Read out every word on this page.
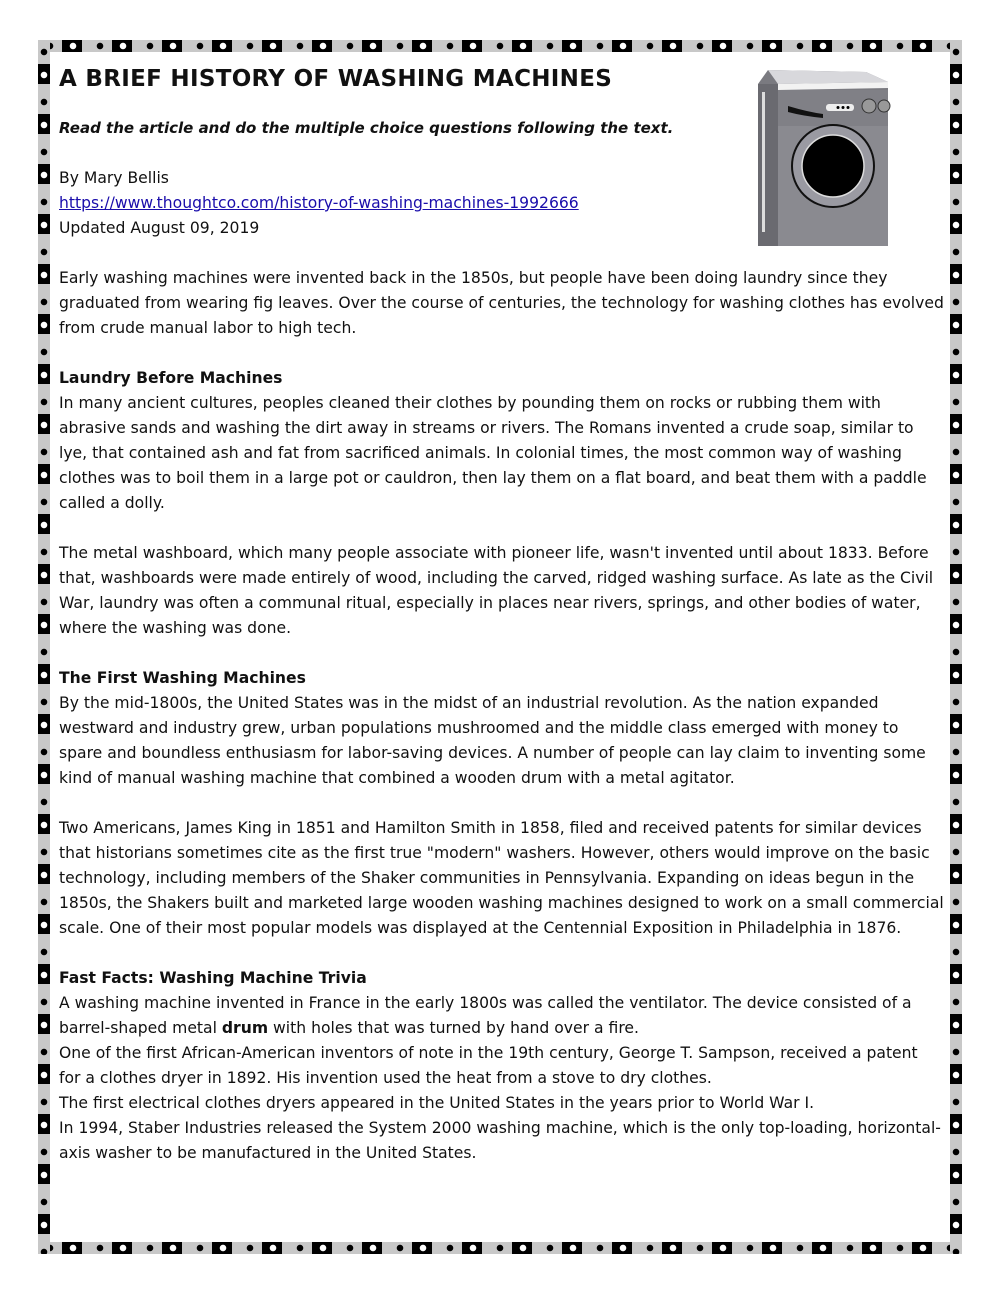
A BRIEF HISTORY OF WASHING MACHINES
Read the article and do the multiple choice questions following the text.
By Mary Bellis
https://www.thoughtco.com/history-of-washing-machines-1992666
Updated August 09, 2019

Early washing machines were invented back in the 1850s, but people have been doing laundry since they graduated from wearing fig leaves. Over the course of centuries, the technology for washing clothes has evolved from crude manual labor to high tech.

Laundry Before Machines

In many ancient cultures, peoples cleaned their clothes by pounding them on rocks or rubbing them with abrasive sands and washing the dirt away in streams or rivers. The Romans invented a crude soap, similar to lye, that contained ash and fat from sacrificed animals. In colonial times, the most common way of washing clothes was to boil them in a large pot or cauldron, then lay them on a flat board, and beat them with a paddle called a dolly.

The metal washboard, which many people associate with pioneer life, wasn't invented until about 1833. Before that, washboards were made entirely of wood, including the carved, ridged washing surface. As late as the Civil War, laundry was often a communal ritual, especially in places near rivers, springs, and other bodies of water, where the washing was done.

The First Washing Machines

By the mid-1800s, the United States was in the midst of an industrial revolution. As the nation expanded westward and industry grew, urban populations mushroomed and the middle class emerged with money to spare and boundless enthusiasm for labor-saving devices. A number of people can lay claim to inventing some kind of manual washing machine that combined a wooden drum with a metal agitator.

Two Americans, James King in 1851 and Hamilton Smith in 1858, filed and received patents for similar devices that historians sometimes cite as the first true "modern" washers. However, others would improve on the basic technology, including members of the Shaker communities in Pennsylvania. Expanding on ideas begun in the 1850s, the Shakers built and marketed large wooden washing machines designed to work on a small commercial scale. One of their most popular models was displayed at the Centennial Exposition in Philadelphia in 1876.

Fast Facts: Washing Machine Trivia

A washing machine invented in France in the early 1800s was called the ventilator. The device consisted of a barrel-shaped metal drum with holes that was turned by hand over a fire.

One of the first African-American inventors of note in the 19th century, George T. Sampson, received a patent for a clothes dryer in 1892. His invention used the heat from a stove to dry clothes.

The first electrical clothes dryers appeared in the United States in the years prior to World War I.

In 1994, Staber Industries released the System 2000 washing machine, which is the only top-loading, horizontal-axis washer to be manufactured in the United States.
